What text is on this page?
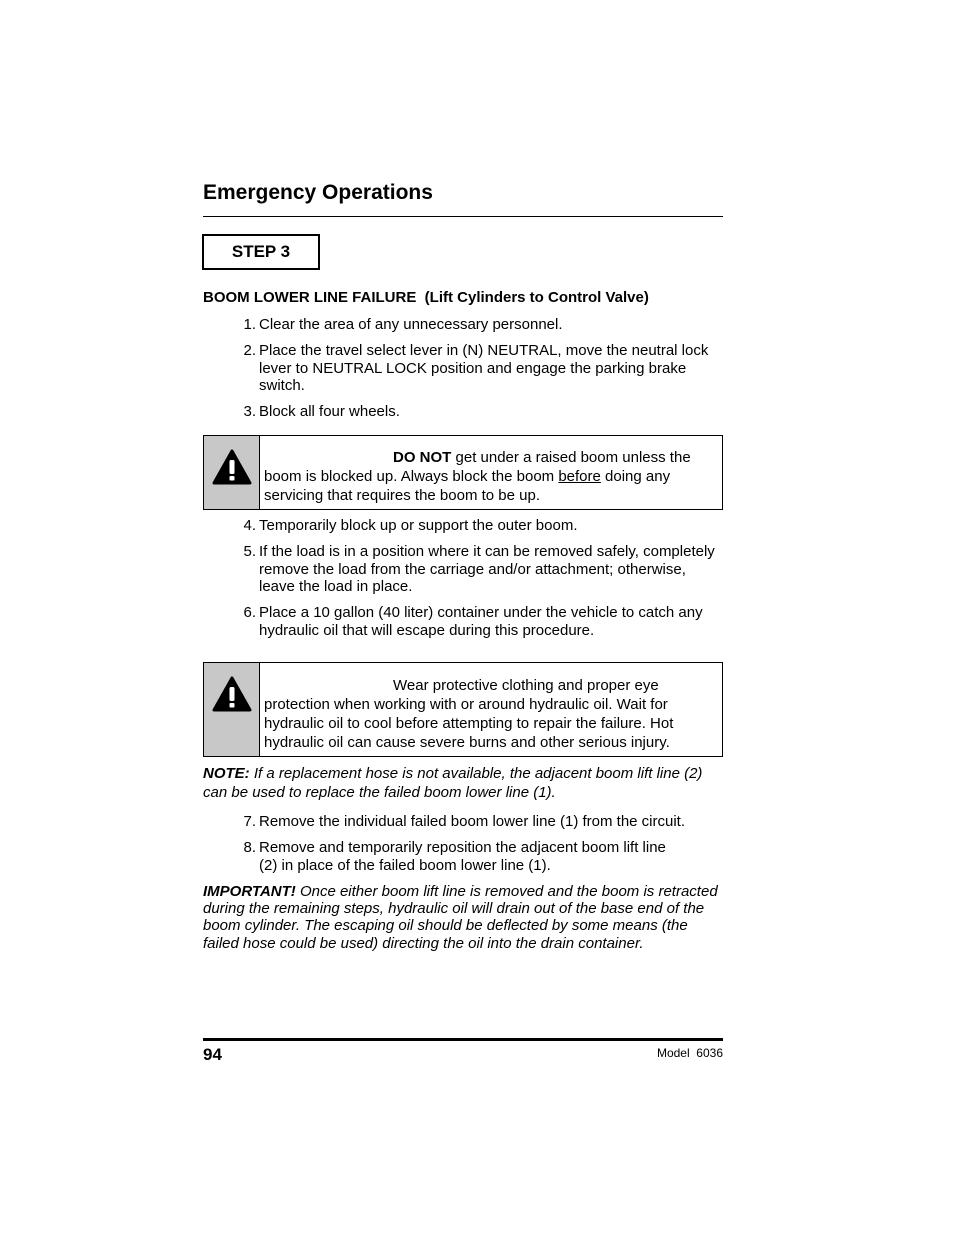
Emergency Operations
STEP 3
BOOM LOWER LINE FAILURE  (Lift Cylinders to Control Valve)
1. Clear the area of any unnecessary personnel.
2. Place the travel select lever in (N) NEUTRAL, move the neutral lock lever to NEUTRAL LOCK position and engage the parking brake switch.
3. Block all four wheels.
DO NOT get under a raised boom unless the boom is blocked up. Always block the boom before doing any servicing that requires the boom to be up.
4. Temporarily block up or support the outer boom.
5. If the load is in a position where it can be removed safely, completely remove the load from the carriage and/or attachment; otherwise, leave the load in place.
6. Place a 10 gallon (40 liter) container under the vehicle to catch any hydraulic oil that will escape during this procedure.
Wear protective clothing and proper eye protection when working with or around hydraulic oil. Wait for hydraulic oil to cool before attempting to repair the failure. Hot hydraulic oil can cause severe burns and other serious injury.
NOTE: If a replacement hose is not available, the adjacent boom lift line (2) can be used to replace the failed boom lower line (1).
7. Remove the individual failed boom lower line (1) from the circuit.
8. Remove and temporarily reposition the adjacent boom lift line (2) in place of the failed boom lower line (1).
IMPORTANT! Once either boom lift line is removed and the boom is retracted during the remaining steps, hydraulic oil will drain out of the base end of the boom cylinder. The escaping oil should be deflected by some means (the failed hose could be used) directing the oil into the drain container.
94	Model  6036
